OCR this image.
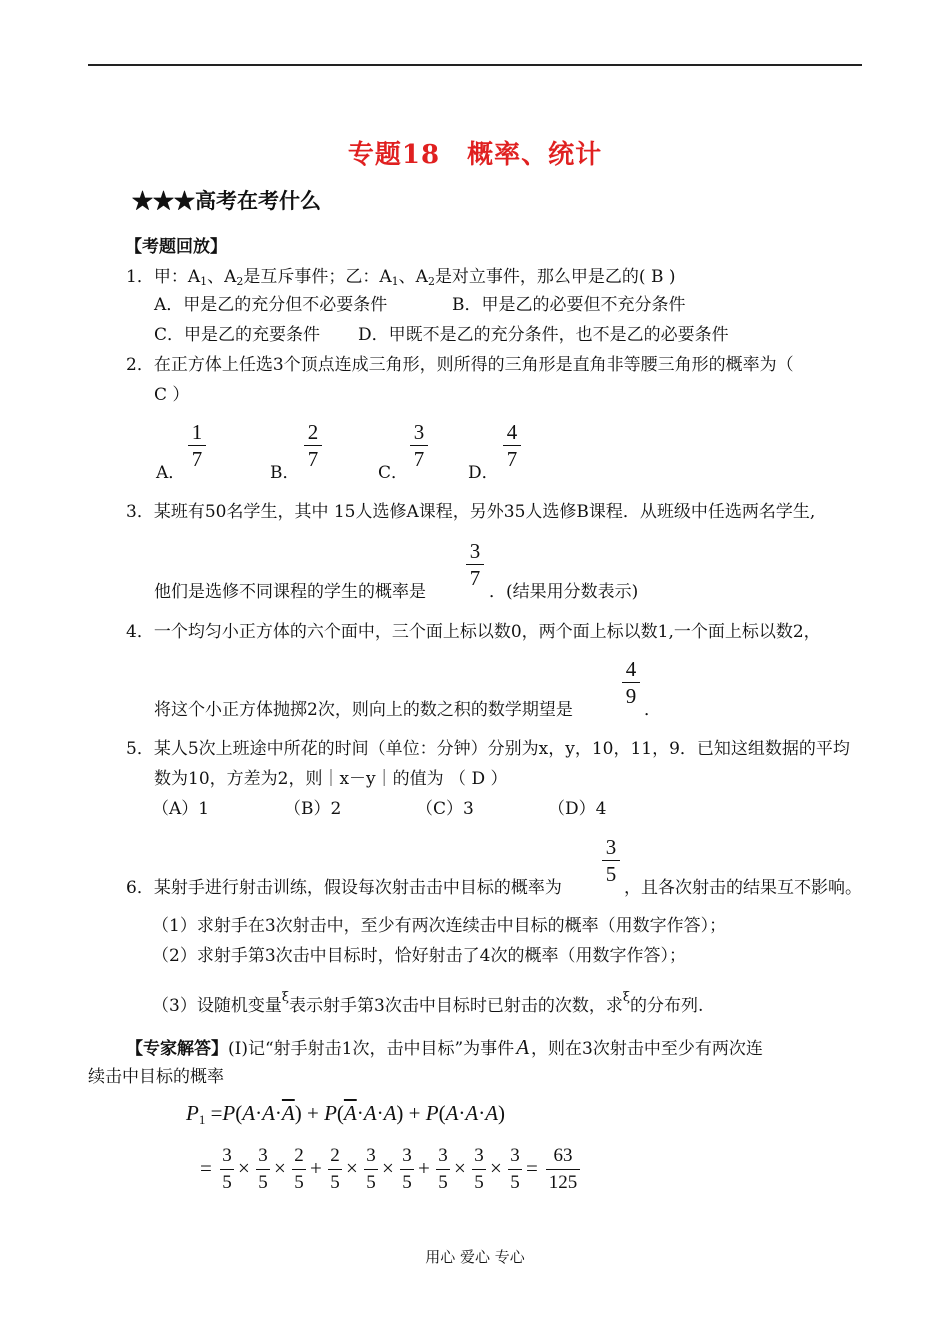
专题18　概率、统计
★★★高考在考什么
【考题回放】
1．甲：$A_1$、$A_2$是互斥事件；乙：$A_1$、$A_2$是对立事件，那么甲是乙的( B )
A．甲是乙的充分但不必要条件	B．甲是乙的必要但不充分条件
C．甲是乙的充要条件 D．甲既不是乙的充分条件，也不是乙的必要条件
2．在正方体上任选3个顶点连成三角形，则所得的三角形是直角非等腰三角形的概率为（
C ）
A．
1
7
B．
2
7
C．
3
7
D．
4
7
3．某班有50名学生，其中 15人选修A课程，另外35人选修B课程．从班级中任选两名学生,
他们是选修不同课程的学生的概率是
3
7
．(结果用分数表示)
4．一个均匀小正方体的六个面中，三个面上标以数0，两个面上标以数1,一个面上标以数2，
将这个小正方体抛掷2次，则向上的数之积的数学期望是
4
9
．
5．某人5次上班途中所花的时间（单位：分钟）分别为x，y，10，11，9．已知这组数据的平均
数为10，方差为2，则｜x－y｜的值为 （ D ）
（A）1	（B）2	（C）3	（D）4
6．某射手进行射击训练，假设每次射击击中目标的概率为
3
5
，且各次射击的结果互不影响。
（1）求射手在3次射击中，至少有两次连续击中目标的概率（用数字作答）；
（2）求射手第3次击中目标时，恰好射击了4次的概率（用数字作答）；
（3）设随机变量$^\xi$表示射手第3次击中目标时已射击的次数，求$^\xi$的分布列.
【专家解答】(Ⅰ)记“射手射击1次，击中目标”为事件A ，则在3次射击中至少有两次连
续击中目标的概率
$P1 =P(A\cdot A\cdot\overline{A}) + P(\overline{A}\cdot A\cdot A) + P(A\cdot A\cdot A)$
=
3
5
×
3
5
×
2
5
+
2
5
×
3
5
×
3
5
+
3
5
×
3
5
×
3
5
=
63
125
用心 爱心 专心
